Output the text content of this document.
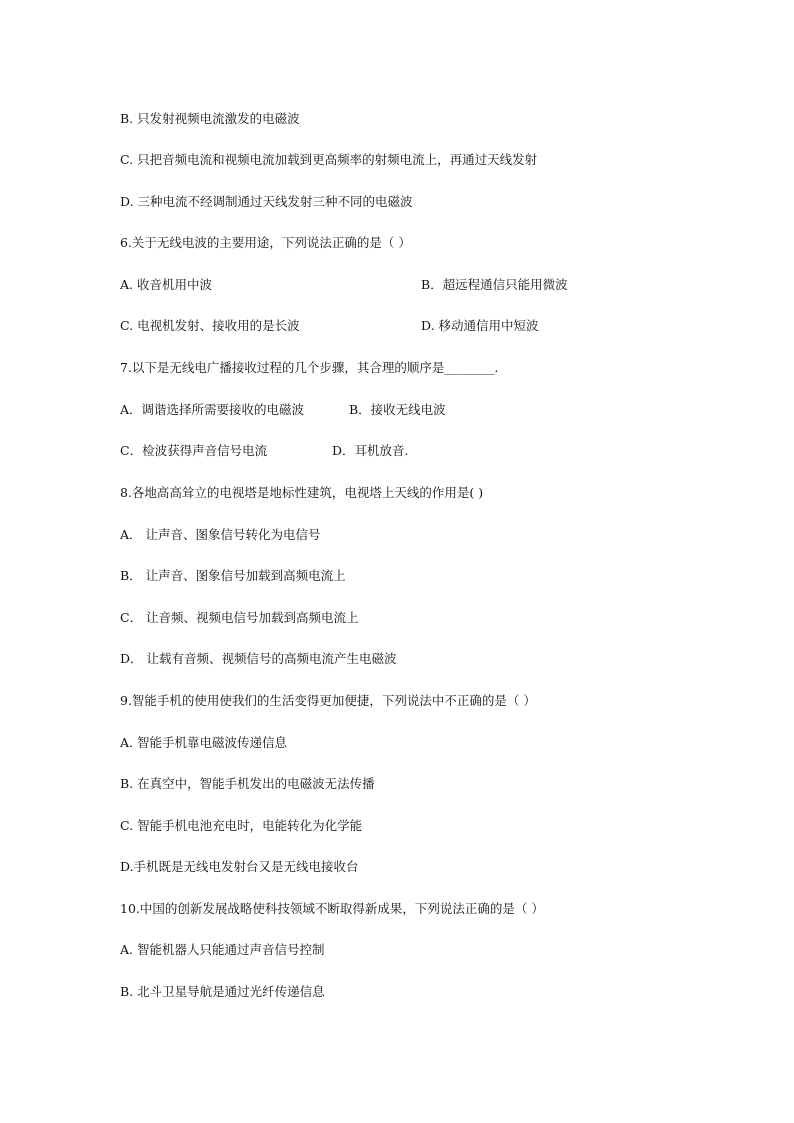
B. 只发射视频电流激发的电磁波
C. 只把音频电流和视频电流加载到更高频率的射频电流上，再通过天线发射
D. 三种电流不经调制通过天线发射三种不同的电磁波
6.关于无线电波的主要用途，下列说法正确的是（ ）
A. 收音机用中波	B．超远程通信只能用微波
C. 电视机发射、接收用的是长波	D. 移动通信用中短波
7.以下是无线电广播接收过程的几个步骤，其合理的顺序是________.
A．调谐选择所需要接收的电磁波	B．接收无线电波
C．检波获得声音信号电流	D．耳机放音.
8.各地高高耸立的电视塔是地标性建筑，电视塔上天线的作用是( )
A． 让声音、图象信号转化为电信号
B． 让声音、图象信号加载到高频电流上
C． 让音频、视频电信号加载到高频电流上
D． 让载有音频、视频信号的高频电流产生电磁波
9.智能手机的使用使我们的生活变得更加便捷，下列说法中不正确的是（ ）
A. 智能手机靠电磁波传递信息
B. 在真空中，智能手机发出的电磁波无法传播
C. 智能手机电池充电时，电能转化为化学能
D.手机既是无线电发射台又是无线电接收台
10.中国的创新发展战略使科技领域不断取得新成果，下列说法正确的是（ ）
A. 智能机器人只能通过声音信号控制
B. 北斗卫星导航是通过光纤传递信息
